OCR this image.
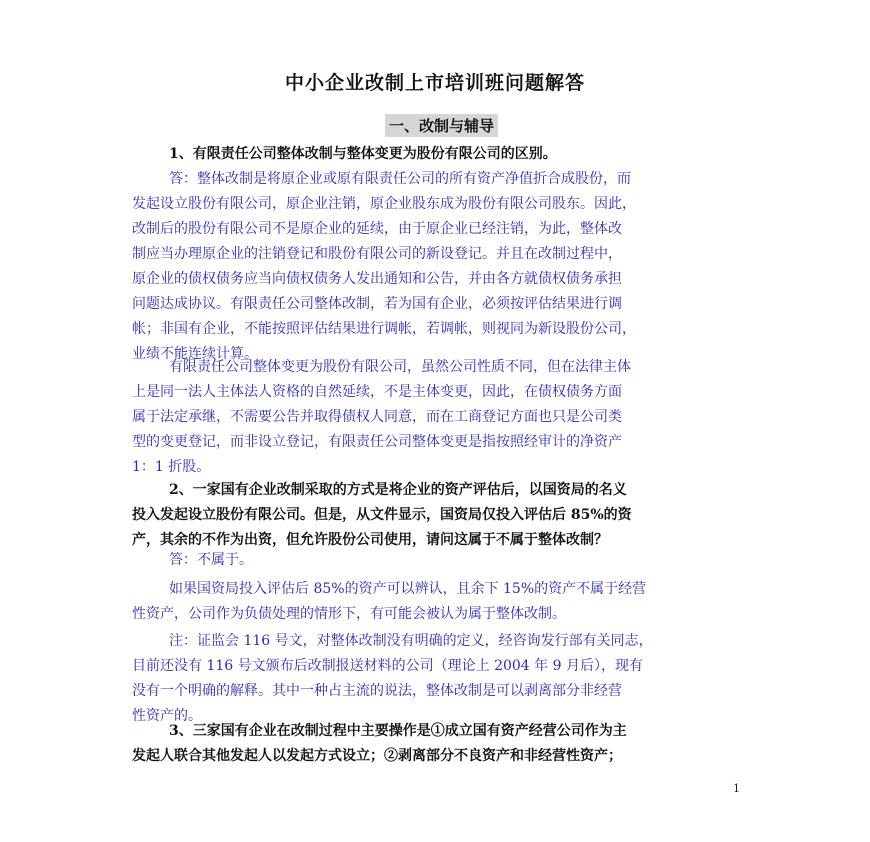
中小企业改制上市培训班问题解答
一、改制与辅导
1、有限责任公司整体改制与整体变更为股份有限公司的区别。
答：整体改制是将原企业或原有限责任公司的所有资产净值折合成股份，而
发起设立股份有限公司，原企业注销，原企业股东成为股份有限公司股东。因此，
改制后的股份有限公司不是原企业的延续，由于原企业已经注销，为此，整体改
制应当办理原企业的注销登记和股份有限公司的新设登记。并且在改制过程中，
原企业的债权债务应当向债权债务人发出通知和公告，并由各方就债权债务承担
问题达成协议。有限责任公司整体改制，若为国有企业，必须按评估结果进行调
帐；非国有企业，不能按照评估结果进行调帐，若调帐，则视同为新设股份公司，
业绩不能连续计算。
有限责任公司整体变更为股份有限公司，虽然公司性质不同，但在法律主体
上是同一法人主体法人资格的自然延续，不是主体变更，因此，在债权债务方面
属于法定承继，不需要公告并取得债权人同意，而在工商登记方面也只是公司类
型的变更登记，而非设立登记，有限责任公司整体变更是指按照经审计的净资产
1：1 折股。
2、一家国有企业改制采取的方式是将企业的资产评估后，以国资局的名义
投入发起设立股份有限公司。但是，从文件显示，国资局仅投入评估后 85%的资
产，其余的不作为出资，但允许股份公司使用，请问这属于不属于整体改制？
答：不属于。
如果国资局投入评估后 85%的资产可以辨认，且余下 15%的资产不属于经营
性资产，公司作为负债处理的情形下，有可能会被认为属于整体改制。
注：证监会 116 号文，对整体改制没有明确的定义，经咨询发行部有关同志，
目前还没有 116 号文颁布后改制报送材料的公司（理论上 2004 年 9 月后），现有
没有一个明确的解释。其中一种占主流的说法，整体改制是可以剥离部分非经营
性资产的。
3、三家国有企业在改制过程中主要操作是①成立国有资产经营公司作为主
发起人联合其他发起人以发起方式设立；②剥离部分不良资产和非经营性资产；
1
